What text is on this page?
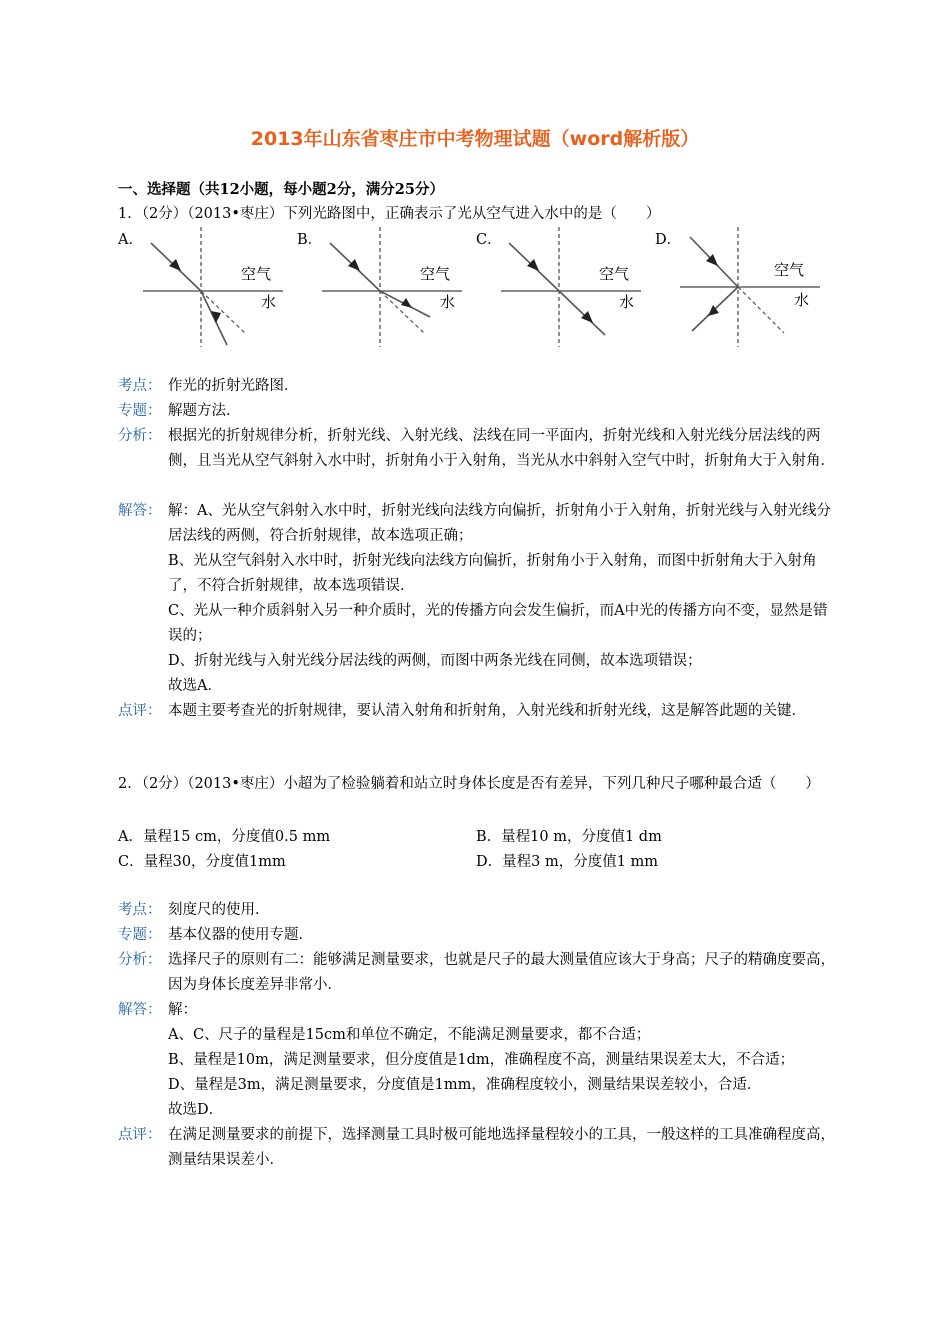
2013年山东省枣庄市中考物理试题（word解析版）
一、选择题（共12小题，每小题2分，满分25分）
1．（2分）（2013•枣庄）下列光路图中，正确表示了光从空气进入水中的是（　　）
A．	B．	C．	D．
空气
水
空气
水
空气
水
空气
水
考点： 作光的折射光路图．
专题： 解题方法．
分析： 根据光的折射规律分析，折射光线、入射光线、法线在同一平面内，折射光线和入射光线分居法线的两侧，且当光从空气斜射入水中时，折射角小于入射角，当光从水中斜射入空气中时，折射角大于入射角．
解答： 解：A、光从空气斜射入水中时，折射光线向法线方向偏折，折射角小于入射角，折射光线与入射光线分居法线的两侧，符合折射规律，故本选项正确；
B、光从空气斜射入水中时，折射光线向法线方向偏折，折射角小于入射角，而图中折射角大于入射角了，不符合折射规律，故本选项错误．
C、光从一种介质斜射入另一种介质时，光的传播方向会发生偏折，而A中光的传播方向不变，显然是错误的；
D、折射光线与入射光线分居法线的两侧，而图中两条光线在同侧，故本选项错误；
故选A．
点评： 本题主要考查光的折射规律，要认清入射角和折射角，入射光线和折射光线，这是解答此题的关键．
2．（2分）（2013•枣庄）小超为了检验躺着和站立时身体长度是否有差异，下列几种尺子哪种最合适（　　）
A．量程15 cm，分度值0.5 mm	B．量程10 m，分度值1 dm
C．量程30，分度值1mm	D．量程3 m，分度值1 mm
考点： 刻度尺的使用．
专题： 基本仪器的使用专题．
分析： 选择尺子的原则有二：能够满足测量要求，也就是尺子的最大测量值应该大于身高；尺子的精确度要高，因为身体长度差异非常小．
解答： 解：
A、C、尺子的量程是15cm和单位不确定，不能满足测量要求，都不合适；
B、量程是10m，满足测量要求，但分度值是1dm，准确程度不高，测量结果误差太大，不合适；
D、量程是3m，满足测量要求，分度值是1mm，准确程度较小，测量结果误差较小，合适．
故选D．
点评： 在满足测量要求的前提下，选择测量工具时极可能地选择量程较小的工具，一般这样的工具准确程度高，测量结果误差小．
